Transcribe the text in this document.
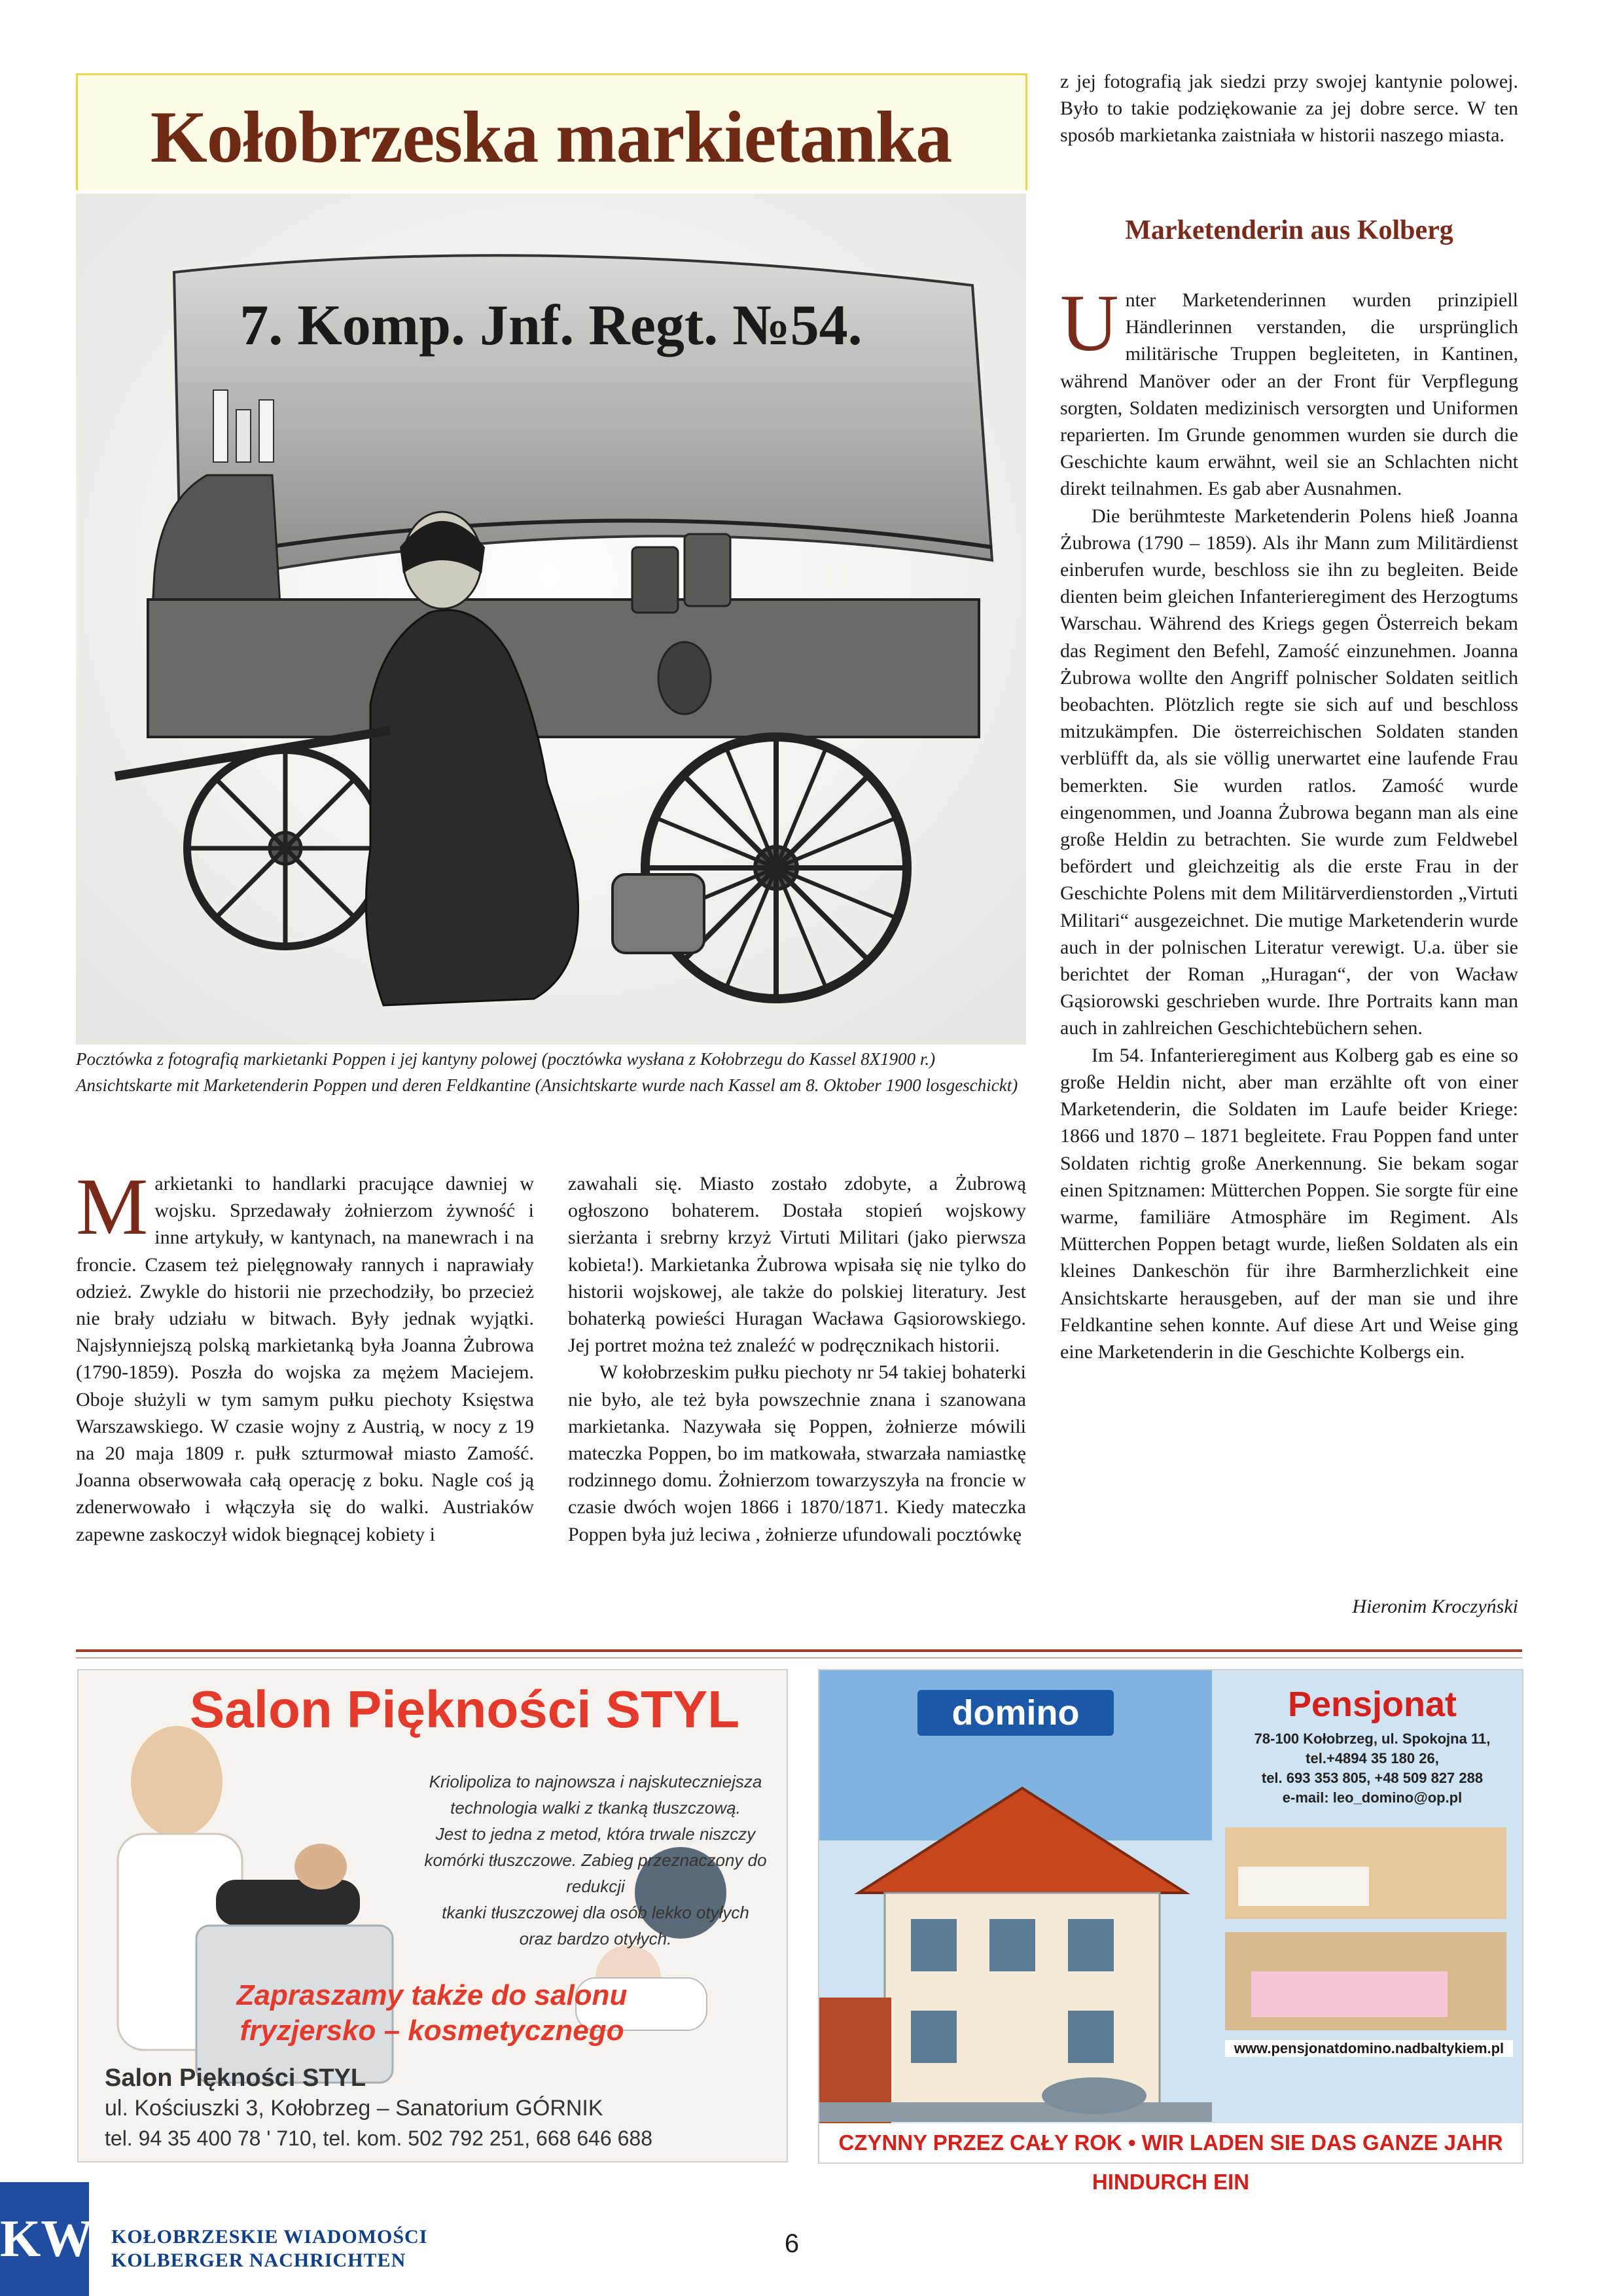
Kołobrzeska markietanka
7. Komp. Jnf. Regt. №54.
Pocztówka z fotografią markietanki Poppen i jej kantyny polowej (pocztówka wysłana z Kołobrzegu do Kassel 8X1900 r.) Ansichtskarte mit Marketenderin Poppen und deren Feldkantine (Ansichtskarte wurde nach Kassel am 8. Oktober 1900 losgeschickt)

Markietanki to handlarki pracujące dawniej w wojsku. Sprzedawały żołnierzom żywność i inne artykuły, w kantynach, na manewrach i na froncie. Czasem też pielęgnowały rannych i naprawiały odzież. Zwykle do historii nie przechodziły, bo przecież nie brały udziału w bitwach. Były jednak wyjątki. Najsłynniejszą polską markietanką była Joanna Żubrowa (1790-1859). Poszła do wojska za mężem Maciejem. Oboje służyli w tym samym pułku piechoty Księstwa Warszawskiego. W czasie wojny z Austrią, w nocy z 19 na 20 maja 1809 r. pułk szturmował miasto Zamość. Joanna obserwowała całą operację z boku. Nagle coś ją zdenerwowało i włączyła się do walki. Austriaków zapewne zaskoczył widok biegnącej kobiety i

zawahali się. Miasto zostało zdobyte, a Żubrową ogłoszono bohaterem. Dostała stopień wojskowy sierżanta i srebrny krzyż Virtuti Militari (jako pierwsza kobieta!). Markietanka Żubrowa wpisała się nie tylko do historii wojskowej, ale także do polskiej literatury. Jest bohaterką powieści Huragan Wacława Gąsiorowskiego. Jej portret można też znaleźć w podręcznikach historii.

W kołobrzeskim pułku piechoty nr 54 takiej bohaterki nie było, ale też była powszechnie znana i szanowana markietanka. Nazywała się Poppen, żołnierze mówili mateczka Poppen, bo im matkowała, stwarzała namiastkę rodzinnego domu. Żołnierzom towarzyszyła na froncie w czasie dwóch wojen 1866 i 1870/1871. Kiedy mateczka Poppen była już leciwa , żołnierze ufundowali pocztówkę

z jej fotografią jak siedzi przy swojej kantynie polowej. Było to takie podziękowanie za jej dobre serce. W ten sposób markietanka zaistniała w historii naszego miasta.

Marketenderin aus Kolberg

Unter Marketenderinnen wurden prinzipiell Händlerinnen verstanden, die ursprünglich militärische Truppen begleiteten, in Kantinen, während Manöver oder an der Front für Verpflegung sorgten, Soldaten medizinisch versorgten und Uniformen reparierten. Im Grunde genommen wurden sie durch die Geschichte kaum erwähnt, weil sie an Schlachten nicht direkt teilnahmen. Es gab aber Ausnahmen.

Die berühmteste Marketenderin Polens hieß Joanna Żubrowa (1790 – 1859). Als ihr Mann zum Militärdienst einberufen wurde, beschloss sie ihn zu begleiten. Beide dienten beim gleichen Infanterieregiment des Herzogtums Warschau. Während des Kriegs gegen Österreich bekam das Regiment den Befehl, Zamość einzunehmen. Joanna Żubrowa wollte den Angriff polnischer Soldaten seitlich beobachten. Plötzlich regte sie sich auf und beschloss mitzukämpfen. Die österreichischen Soldaten standen verblüfft da, als sie völlig unerwartet eine laufende Frau bemerkten. Sie wurden ratlos. Zamość wurde eingenommen, und Joanna Żubrowa begann man als eine große Heldin zu betrachten. Sie wurde zum Feldwebel befördert und gleichzeitig als die erste Frau in der Geschichte Polens mit dem Militärverdienstorden „Virtuti Militari“ ausgezeichnet. Die mutige Marketenderin wurde auch in der polnischen Literatur verewigt. U.a. über sie berichtet der Roman „Huragan“, der von Wacław Gąsiorowski geschrieben wurde. Ihre Portraits kann man auch in zahlreichen Geschichtebüchern sehen.

Im 54. Infanterieregiment aus Kolberg gab es eine so große Heldin nicht, aber man erzählte oft von einer Marketenderin, die Soldaten im Laufe beider Kriege: 1866 und 1870 – 1871 begleitete. Frau Poppen fand unter Soldaten richtig große Anerkennung. Sie bekam sogar einen Spitznamen: Mütterchen Poppen. Sie sorgte für eine warme, familiäre Atmosphäre im Regiment. Als Mütterchen Poppen betagt wurde, ließen Soldaten als ein kleines Dankeschön für ihre Barmherzlichkeit eine Ansichtskarte herausgeben, auf der man sie und ihre Feldkantine sehen konnte. Auf diese Art und Weise ging eine Marketenderin in die Geschichte Kolbergs ein.

Hieronim Kroczyński
Salon Piękności STYL
Kriolipoliza to najnowsza i najskuteczniejsza
technologia walki z tkanką tłuszczową.
Jest to jedna z metod, która trwale niszczy
komórki tłuszczowe. Zabieg przeznaczony do redukcji
tkanki tłuszczowej dla osób lekko otyłych
oraz bardzo otyłych.
Zapraszamy także do salonu
fryzjersko – kosmetycznego
Salon Piękności STYL
ul. Kościuszki 3, Kołobrzeg – Sanatorium GÓRNIK
tel. 94 35 400 78 ' 710, tel. kom. 502 792 251, 668 646 688
domino	Pensjonat
78-100 Kołobrzeg, ul. Spokojna 11,
tel.+4894 35 180 26,
tel. 693 353 805, +48 509 827 288
e-mail: leo_domino@op.pl
www.pensjonatdomino.nadbaltykiem.pl
CZYNNY PRZEZ CAŁY ROK • WIR LADEN SIE DAS GANZE JAHR HINDURCH EIN
KW KOŁOBRZESKIE WIADOMOŚCI
KOLBERGER NACHRICHTEN
6
